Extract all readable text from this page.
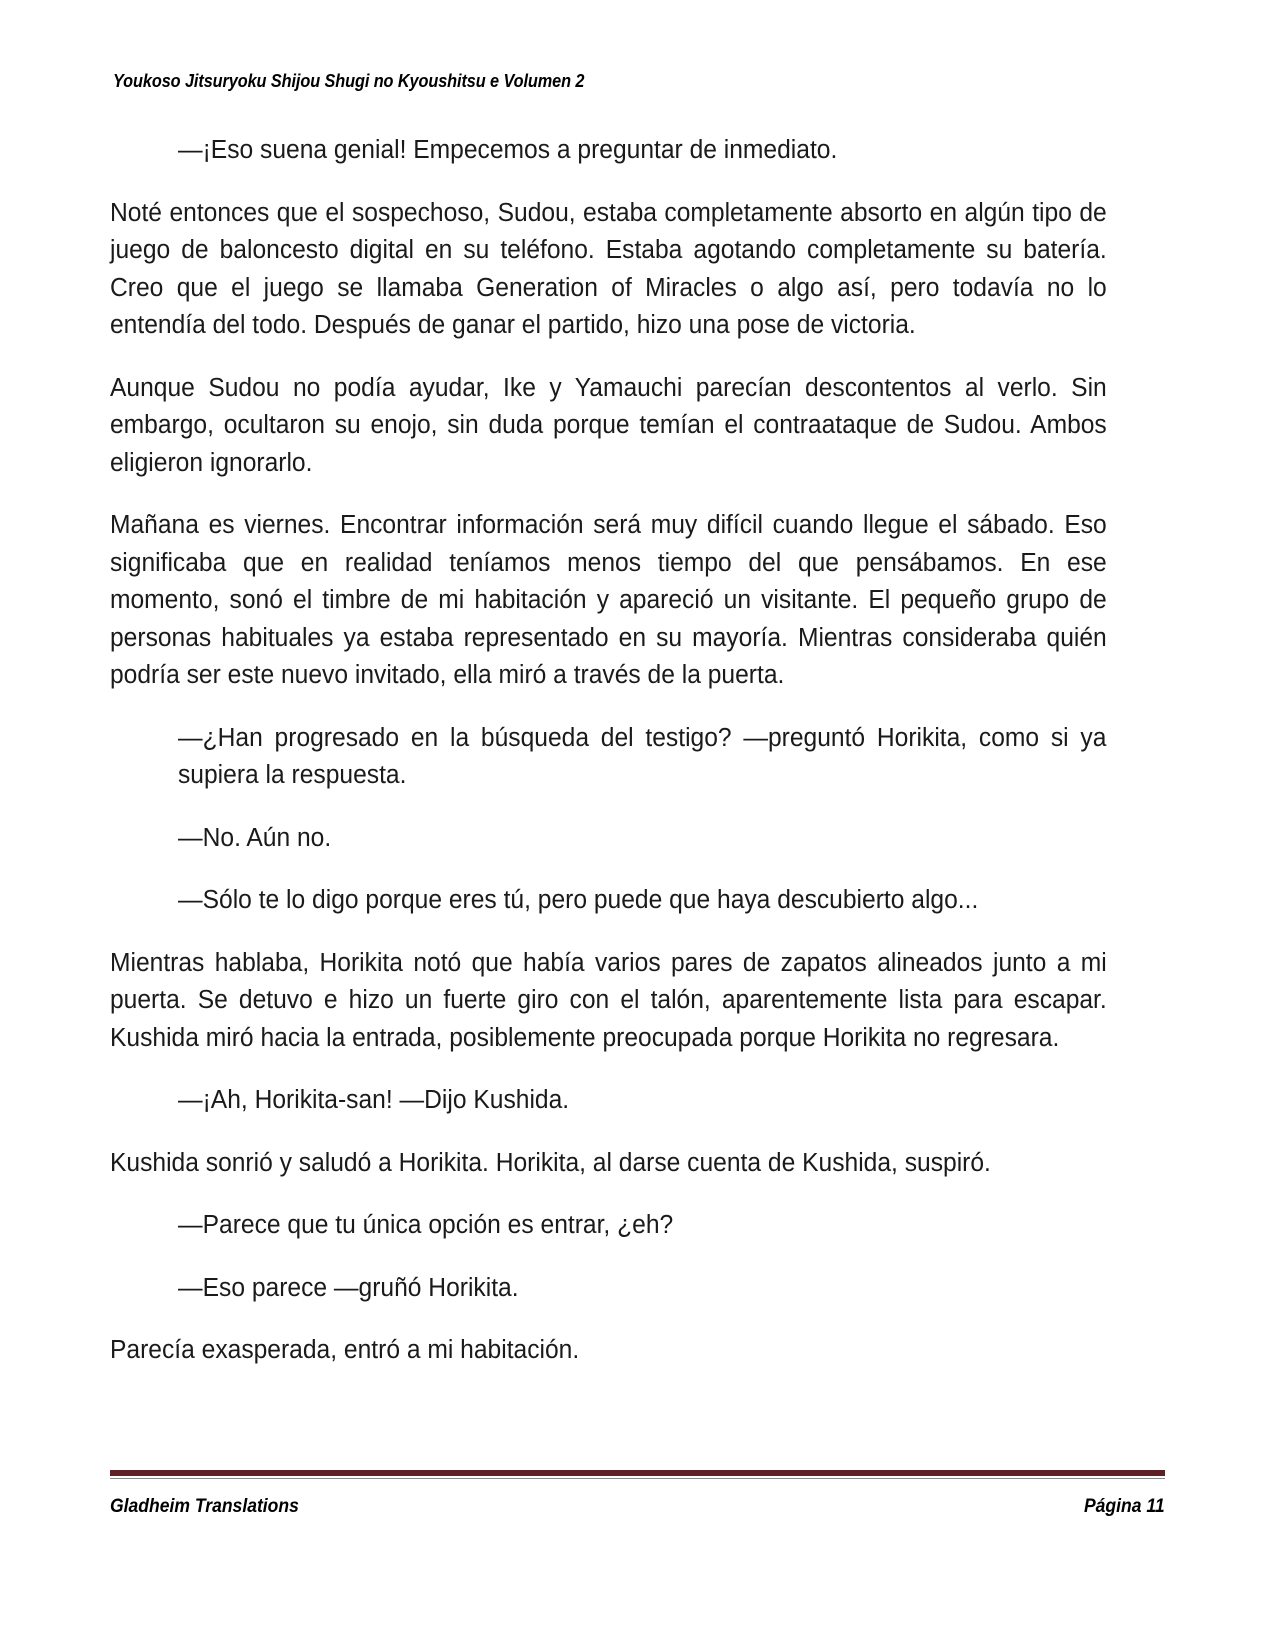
Youkoso Jitsuryoku Shijou Shugi no Kyoushitsu e Volumen 2

—¡Eso suena genial! Empecemos a preguntar de inmediato.

Noté entonces que el sospechoso, Sudou, estaba completamente absorto en algún tipo de juego de baloncesto digital en su teléfono. Estaba agotando completamente su batería. Creo que el juego se llamaba Generation of Miracles o algo así, pero todavía no lo entendía del todo. Después de ganar el partido, hizo una pose de victoria.

Aunque Sudou no podía ayudar, Ike y Yamauchi parecían descontentos al verlo. Sin embargo, ocultaron su enojo, sin duda porque temían el contraataque de Sudou. Ambos eligieron ignorarlo.

Mañana es viernes. Encontrar información será muy difícil cuando llegue el sábado. Eso significaba que en realidad teníamos menos tiempo del que pensábamos. En ese momento, sonó el timbre de mi habitación y apareció un visitante. El pequeño grupo de personas habituales ya estaba representado en su mayoría. Mientras consideraba quién podría ser este nuevo invitado, ella miró a través de la puerta.

—¿Han progresado en la búsqueda del testigo? —preguntó Horikita, como si ya supiera la respuesta.

—No. Aún no.

—Sólo te lo digo porque eres tú, pero puede que haya descubierto algo...

Mientras hablaba, Horikita notó que había varios pares de zapatos alineados junto a mi puerta. Se detuvo e hizo un fuerte giro con el talón, aparentemente lista para escapar. Kushida miró hacia la entrada, posiblemente preocupada porque Horikita no regresara.

—¡Ah, Horikita-san! —Dijo Kushida.

Kushida sonrió y saludó a Horikita. Horikita, al darse cuenta de Kushida, suspiró.

—Parece que tu única opción es entrar, ¿eh?

—Eso parece —gruñó Horikita.

Parecía exasperada, entró a mi habitación.

Gladheim Translations	Página 11
